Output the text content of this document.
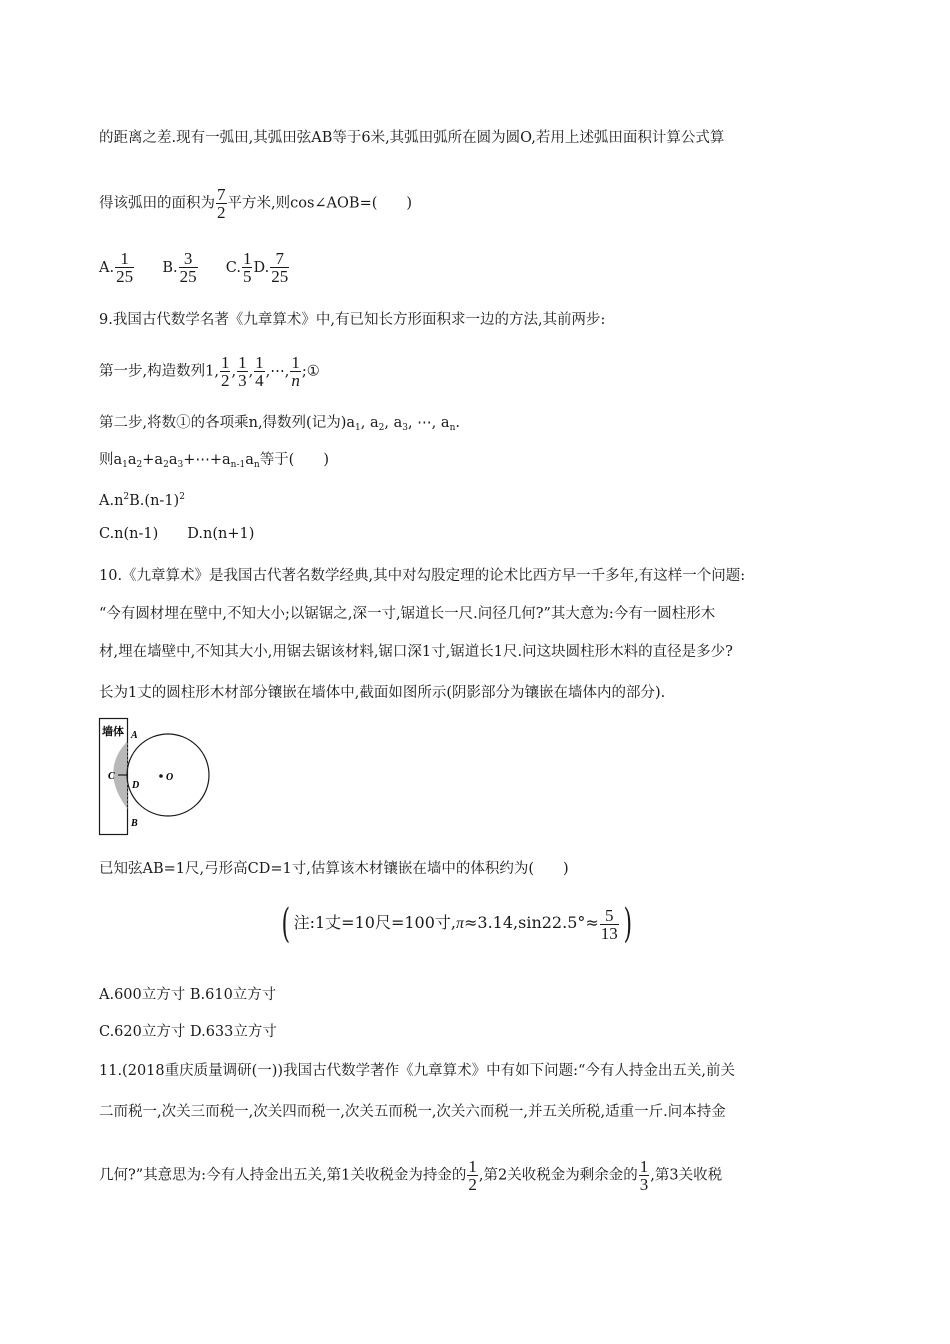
的距离之差.现有一弧田,其弧田弦AB等于6米,其弧田弧所在圆为圆O,若用上述弧田面积计算公式算
得该弧田的面积为 $\frac{7}{2}$ 平方米,则cos∠AOB=(　　)
A. $\frac{1}{25} B$. $\frac{3}{25} C$. $\frac{1}{5} D$. $\frac{7}{25}$
9.我国古代数学名著《九章算术》中,有已知长方形面积求一边的方法,其前两步:
第一步,构造数列1, $\frac{1}{2}$ , $\frac{1}{3}$ , $\frac{1}{4}$ ,⋯, $\frac{1}{n}$ ;①
第二步,将数①的各项乘n,得数列(记为)$a_1$, $a_2$, $a_3$, ⋯, $a_n$.
则$a_1a_2+a_2a_3+\cdots+a_{n-1}a_n$等于(　　)
$A.n^2B.(n-1)^2$
C.n(n-1)　　D.n(n+1)
10.《九章算术》是我国古代著名数学经典,其中对勾股定理的论术比西方早一千多年,有这样一个问题:
“今有圆材埋在壁中,不知大小;以锯锯之,深一寸,锯道长一尺.问径几何?”其大意为:今有一圆柱形木
材,埋在墙壁中,不知其大小,用锯去锯该材料,锯口深1寸,锯道长1尺.问这块圆柱形木料的直径是多少?
长为1丈的圆柱形木材部分镶嵌在墙体中,截面如图所示(阴影部分为镶嵌在墙体内的部分).
墙体 A
B
C
D
O
已知弦AB=1尺,弓形高CD=1寸,估算该木材镶嵌在墙中的体积约为(　　)
( 注:1丈=10尺=100寸$,\pi\approx 3.14,\sin 22.5^\circ\approx \frac{5}{13}$ )
A.600立方寸 B.610立方寸
C.620立方寸 D.633立方寸
11.(2018重庆质量调研(一))我国古代数学著作《九章算术》中有如下问题:“今有人持金出五关,前关
二而税一,次关三而税一,次关四而税一,次关五而税一,次关六而税一,并五关所税,适重一斤.问本持金
几何?”其意思为:今有人持金出五关,第1关收税金为持金的 $\frac{1}{2}$ ,第2关收税金为剩余金的 $\frac{1}{3}$ ,第3关收税
